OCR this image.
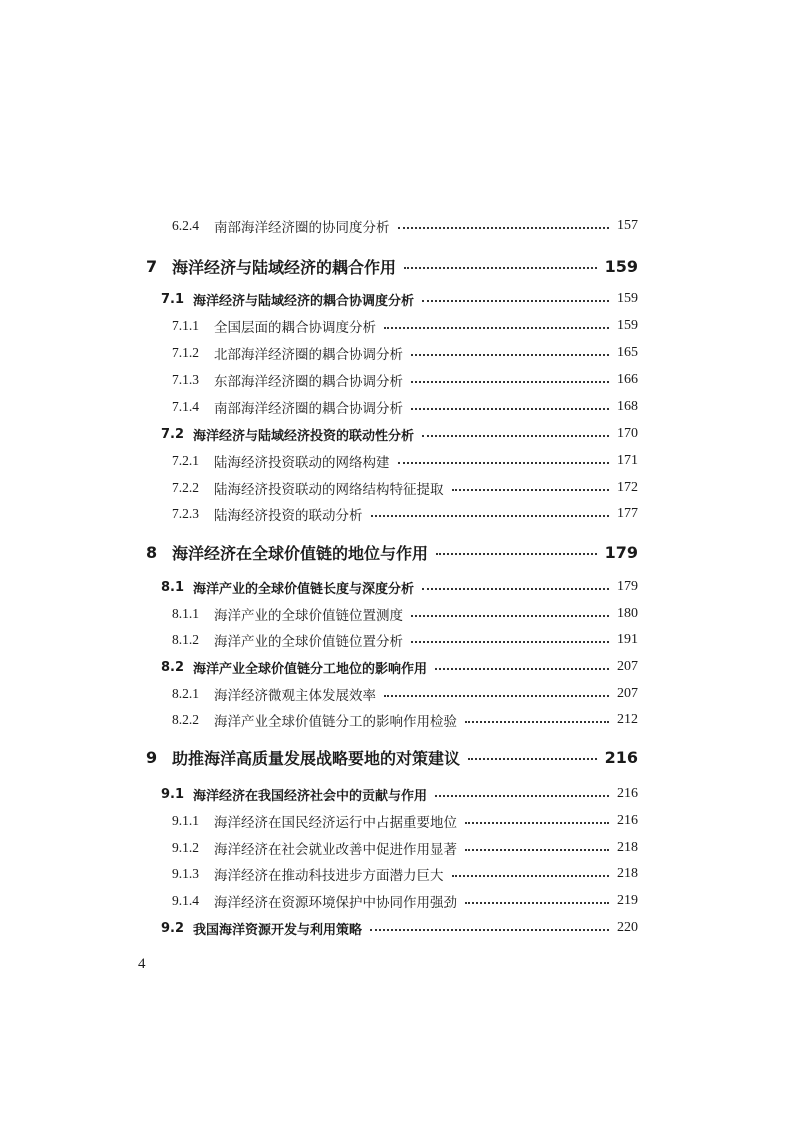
6.2.4	南部海洋经济圈的协同度分析	157
7 海洋经济与陆域经济的耦合作用	159
7.1 海洋经济与陆域经济的耦合协调度分析	159
7.1.1	全国层面的耦合协调度分析	159
7.1.2	北部海洋经济圈的耦合协调分析	165
7.1.3	东部海洋经济圈的耦合协调分析	166
7.1.4	南部海洋经济圈的耦合协调分析	168
7.2 海洋经济与陆域经济投资的联动性分析	170
7.2.1	陆海经济投资联动的网络构建	171
7.2.2	陆海经济投资联动的网络结构特征提取	172
7.2.3	陆海经济投资的联动分析	177
8 海洋经济在全球价值链的地位与作用	179
8.1 海洋产业的全球价值链长度与深度分析	179
8.1.1	海洋产业的全球价值链位置测度	180
8.1.2	海洋产业的全球价值链位置分析	191
8.2 海洋产业全球价值链分工地位的影响作用	207
8.2.1	海洋经济微观主体发展效率	207
8.2.2	海洋产业全球价值链分工的影响作用检验	212
9 助推海洋高质量发展战略要地的对策建议	216
9.1 海洋经济在我国经济社会中的贡献与作用	216
9.1.1	海洋经济在国民经济运行中占据重要地位	216
9.1.2	海洋经济在社会就业改善中促进作用显著	218
9.1.3	海洋经济在推动科技进步方面潜力巨大	218
9.1.4	海洋经济在资源环境保护中协同作用强劲	219
9.2 我国海洋资源开发与利用策略	220
4
